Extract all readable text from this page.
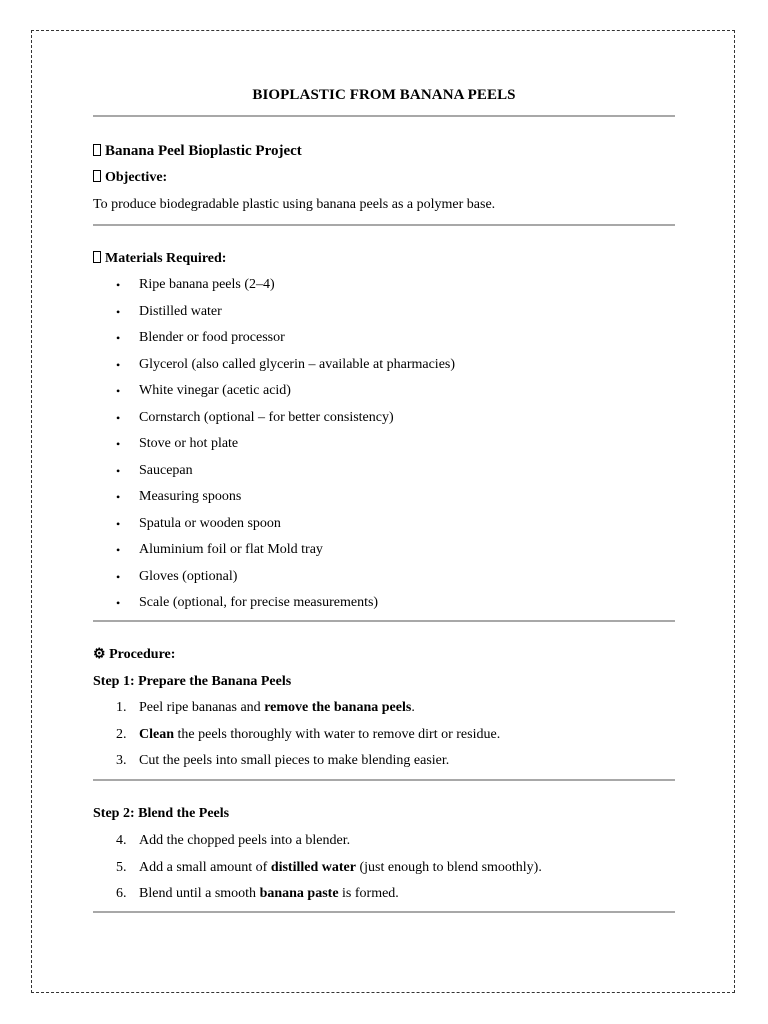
BIOPLASTIC FROM BANANA PEELS
Banana Peel Bioplastic Project
Objective:
To produce biodegradable plastic using banana peels as a polymer base.
Materials Required:
• Ripe banana peels (2–4)
• Distilled water
• Blender or food processor
• Glycerol (also called glycerin – available at pharmacies)
• White vinegar (acetic acid)
• Cornstarch (optional – for better consistency)
• Stove or hot plate
• Saucepan
• Measuring spoons
• Spatula or wooden spoon
• Aluminium foil or flat Mold tray
• Gloves (optional)
• Scale (optional, for precise measurements)
⚙ Procedure:
Step 1: Prepare the Banana Peels
1. Peel ripe bananas and remove the banana peels.
2. Clean the peels thoroughly with water to remove dirt or residue.
3. Cut the peels into small pieces to make blending easier.
Step 2: Blend the Peels
4. Add the chopped peels into a blender.
5. Add a small amount of distilled water (just enough to blend smoothly).
6. Blend until a smooth banana paste is formed.
